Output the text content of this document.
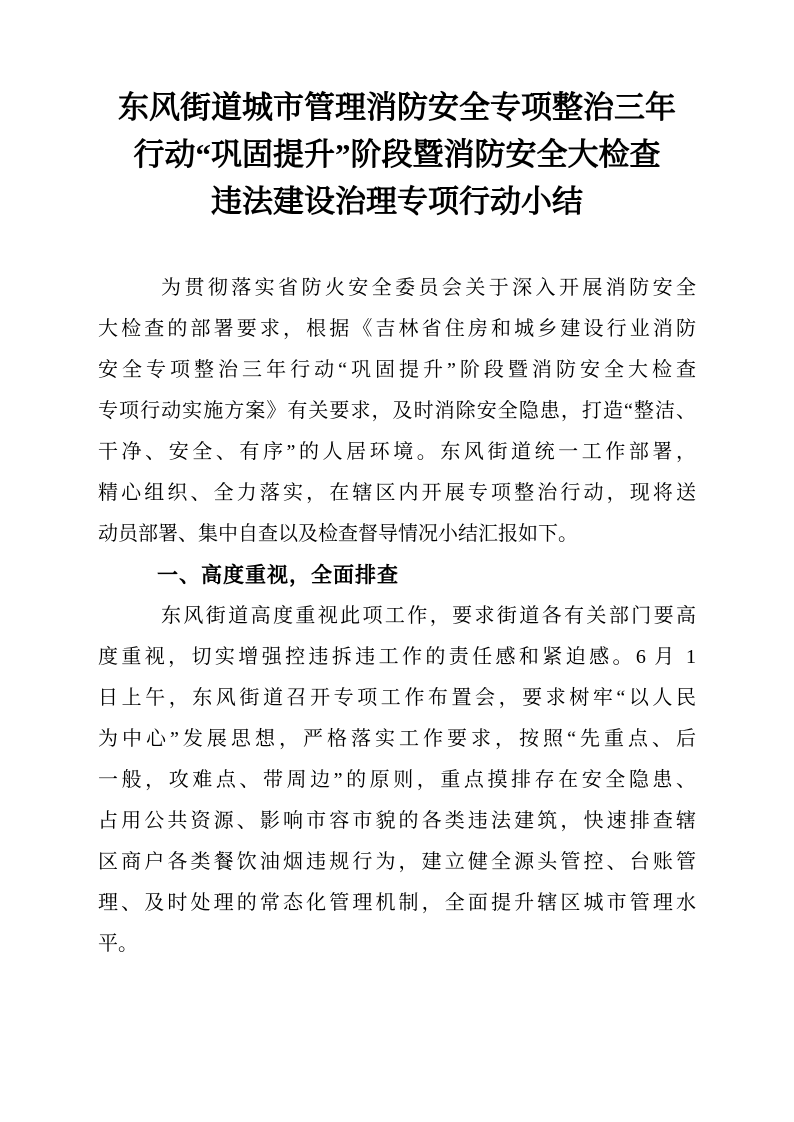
东风街道城市管理消防安全专项整治三年
行动“巩固提升”阶段暨消防安全大检查
违法建设治理专项行动小结
为贯彻落实省防火安全委员会关于深入开展消防安全
大检查的部署要求，根据《吉林省住房和城乡建设行业消防
安全专项整治三年行动“巩固提升”阶段暨消防安全大检查
专项行动实施方案》有关要求，及时消除安全隐患，打造“整洁、
干净、安全、有序”的人居环境。东风街道统一工作部署，
精心组织、全力落实，在辖区内开展专项整治行动，现将送
动员部署、集中自查以及检查督导情况小结汇报如下。
一、高度重视，全面排查
东风街道高度重视此项工作，要求街道各有关部门要高
度重视，切实增强控违拆违工作的责任感和紧迫感。6 月 1
日上午，东风街道召开专项工作布置会，要求树牢“以人民
为中心”发展思想，严格落实工作要求，按照“先重点、后
一般，攻难点、带周边”的原则，重点摸排存在安全隐患、
占用公共资源、影响市容市貌的各类违法建筑，快速排查辖
区商户各类餐饮油烟违规行为，建立健全源头管控、台账管
理、及时处理的常态化管理机制，全面提升辖区城市管理水
平。
